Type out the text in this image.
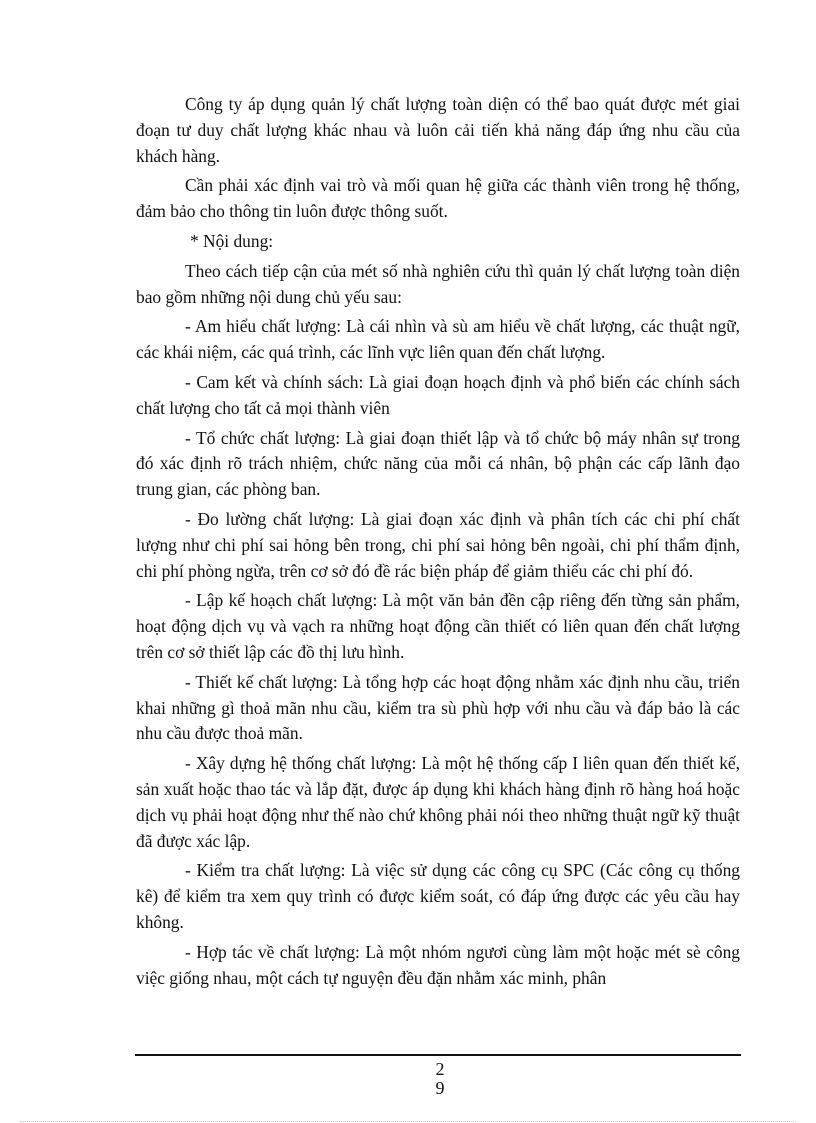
Công ty áp dụng quản lý chất lượng toàn diện có thể bao quát được mét giai đoạn tư duy chất lượng khác nhau và luôn cải tiến khả năng đáp ứng nhu cầu của khách hàng.

Cần phải xác định vai trò và mối quan hệ giữa các thành viên trong hệ thống, đảm bảo cho thông tin luôn được thông suốt.

* Nội dung:

Theo cách tiếp cận của mét số nhà nghiên cứu thì quản lý chất lượng toàn diện bao gồm những nội dung chủ yếu sau:

- Am hiểu chất lượng: Là cái nhìn và sù am hiểu về chất lượng, các thuật ngữ, các khái niệm, các quá trình, các lĩnh vực liên quan đến chất lượng.

- Cam kết và chính sách: Là giai đoạn hoạch định và phổ biến các chính sách chất lượng cho tất cả mọi thành viên

- Tổ chức chất lượng: Là giai đoạn thiết lập và tổ chức bộ máy nhân sự trong đó xác định rõ trách nhiệm, chức năng của mỗi cá nhân, bộ phận các cấp lãnh đạo trung gian, các phòng ban.

- Đo lường chất lượng: Là giai đoạn xác định và phân tích các chi phí chất lượng như chi phí sai hỏng bên trong, chi phí sai hỏng bên ngoài, chi phí thẩm định, chi phí phòng ngừa, trên cơ sở đó đề rác biện pháp để giảm thiểu các chi phí đó.

- Lập kế hoạch chất lượng: Là một văn bản đền cập riêng đến từng sản phẩm, hoạt động dịch vụ và vạch ra những hoạt động cần thiết có liên quan đến chất lượng trên cơ sở thiết lập các đồ thị lưu hình.

- Thiết kế chất lượng: Là tổng hợp các hoạt động nhằm xác định nhu cầu, triển khai những gì thoả mãn nhu cầu, kiểm tra sù phù hợp với nhu cầu và đáp bảo là các nhu cầu được thoả mãn.

- Xây dựng hệ thống chất lượng: Là một hệ thống cấp I liên quan đến thiết kế, sản xuất hoặc thao tác và lắp đặt, được áp dụng khi khách hàng định rõ hàng hoá hoặc dịch vụ phải hoạt động như thế nào chứ không phải nói theo những thuật ngữ kỹ thuật đã được xác lập.

- Kiểm tra chất lượng: Là việc sử dụng các công cụ SPC (Các công cụ thống kê) để kiểm tra xem quy trình có được kiểm soát, có đáp ứng được các yêu cầu hay không.

- Hợp tác về chất lượng: Là một nhóm ngươi cùng làm một hoặc mét sè công việc giống nhau, một cách tự nguyện đều đặn nhằm xác minh, phân

2
9
